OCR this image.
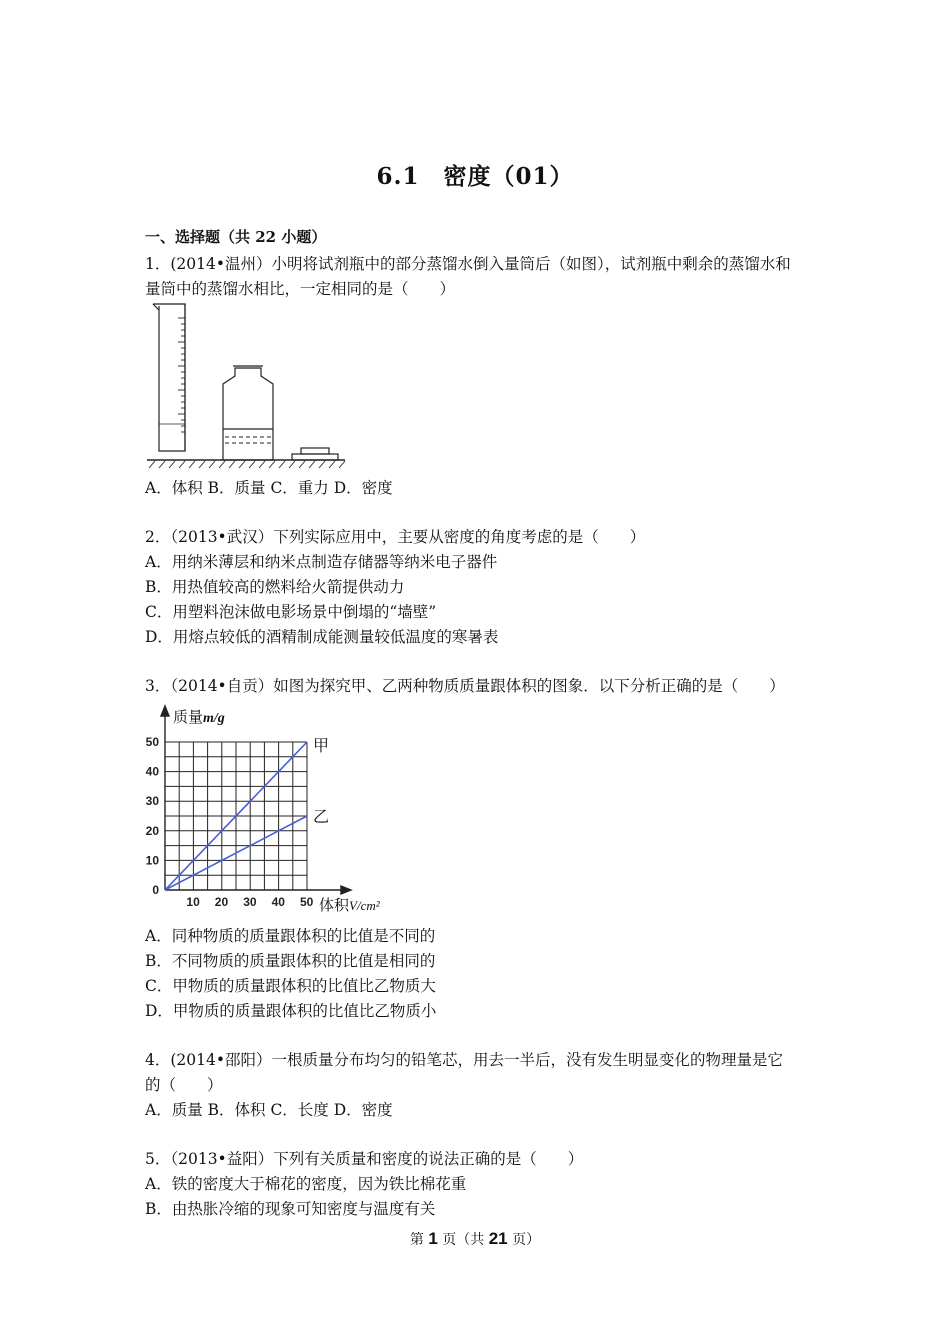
6.1　密度（01）
一、选择题（共 22 小题）
1．(2014•温州）小明将试剂瓶中的部分蒸馏水倒入量筒后（如图），试剂瓶中剩余的蒸馏水和
量筒中的蒸馏水相比，一定相同的是（　　）
A．体积 B．质量 C．重力 D．密度
2．（2013•武汉）下列实际应用中，主要从密度的角度考虑的是（　　）
A．用纳米薄层和纳米点制造存储器等纳米电子器件
B．用热值较高的燃料给火箭提供动力
C．用塑料泡沫做电影场景中倒塌的“墙壁”
D．用熔点较低的酒精制成能测量较低温度的寒暑表
3．（2014•自贡）如图为探究甲、乙两种物质质量跟体积的图象．以下分析正确的是（　　）
10 20 30 40 50
0
10
20
30
40
50
质量m/g
体积V/cm²
甲
乙
A．同种物质的质量跟体积的比值是不同的
B．不同物质的质量跟体积的比值是相同的
C．甲物质的质量跟体积的比值比乙物质大
D．甲物质的质量跟体积的比值比乙物质小
4．(2014•邵阳）一根质量分布均匀的铅笔芯，用去一半后，没有发生明显变化的物理量是它
的（　　）
A．质量 B．体积 C．长度 D．密度
5．（2013•益阳）下列有关质量和密度的说法正确的是（　　）
A．铁的密度大于棉花的密度，因为铁比棉花重
B．由热胀冷缩的现象可知密度与温度有关
第 1 页（共 21 页）
